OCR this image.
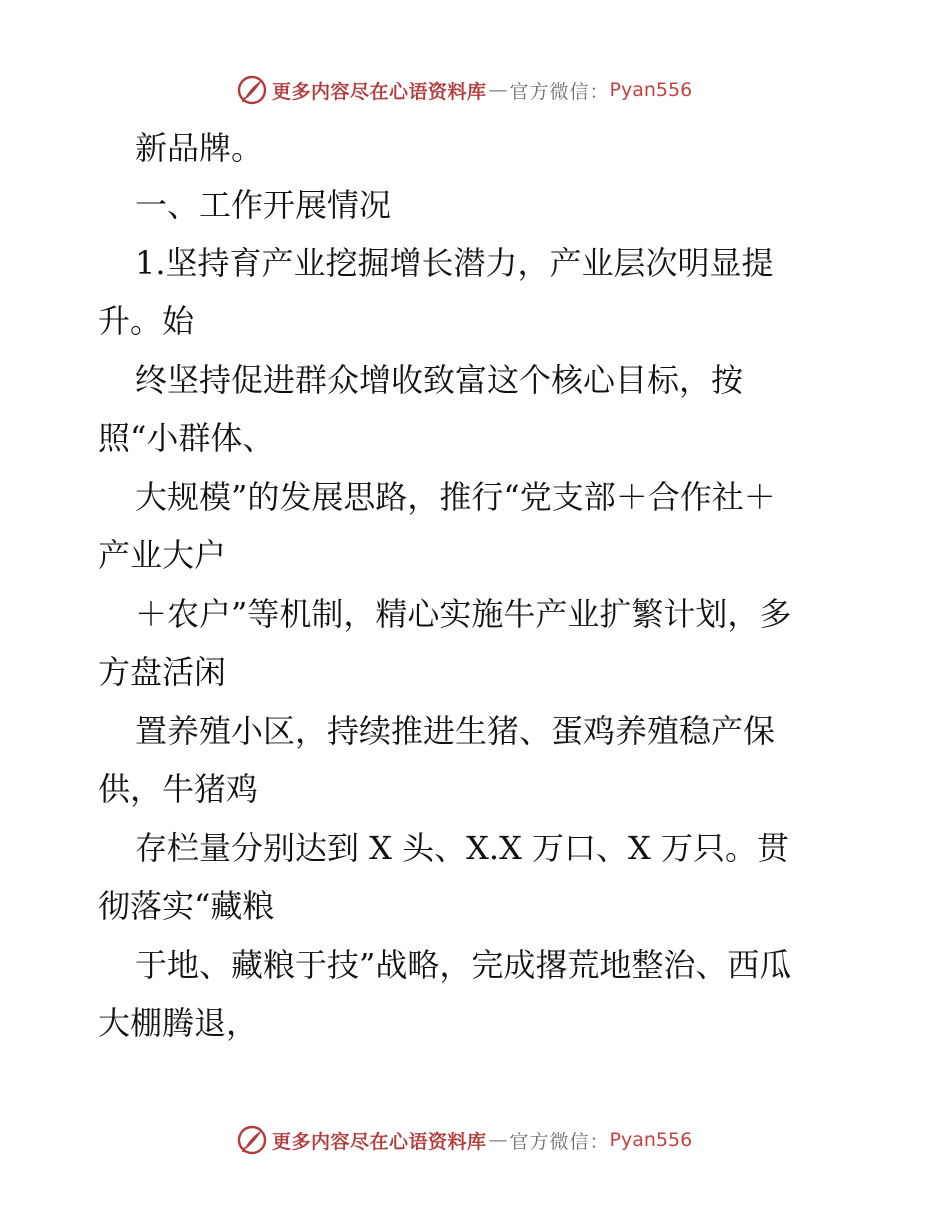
更多内容尽在心语资料库 — 官方微信： Pyan556
新品牌。
一、工作开展情况
1.坚持育产业挖掘增长潜力，产业层次明显提
升。始
终坚持促进群众增收致富这个核心目标，按
照“小群体、
大规模”的发展思路，推行“党支部＋合作社＋
产业大户
＋农户”等机制，精心实施牛产业扩繁计划，多
方盘活闲
置养殖小区，持续推进生猪、蛋鸡养殖稳产保
供，牛猪鸡
存栏量分别达到 X 头、X.X 万口、X 万只。贯
彻落实“藏粮
于地、藏粮于技”战略，完成撂荒地整治、西瓜
大棚腾退，
更多内容尽在心语资料库 — 官方微信： Pyan556
